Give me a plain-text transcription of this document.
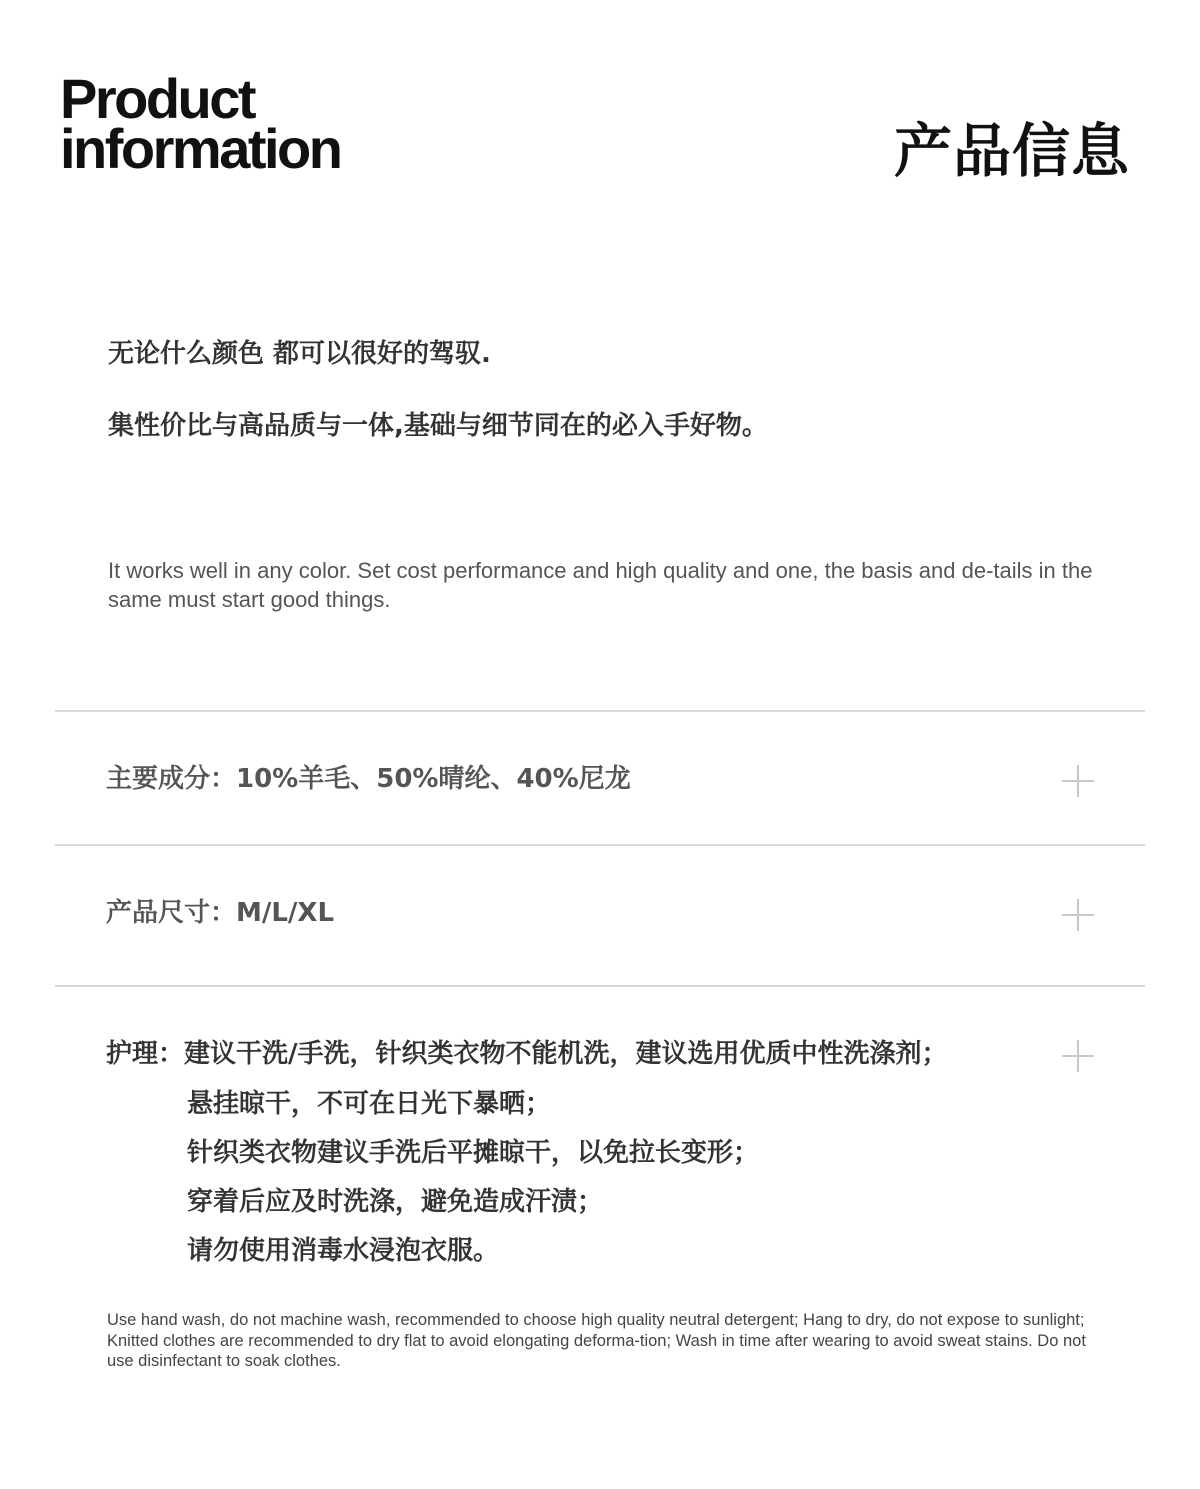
Product
information	产品信息

无论什么颜色 都可以很好的驾驭.

集性价比与高品质与一体,基础与细节同在的必入手好物。

It works well in any color. Set cost performance and high quality and one, the basis and de-tails in the same must start good things.

主要成分：10%羊毛、50%晴纶、40%尼龙

产品尺寸：M/L/XL

护理：建议干洗/手洗，针织类衣物不能机洗，建议选用优质中性洗涤剂；

悬挂晾干，不可在日光下暴晒；
针织类衣物建议手洗后平摊晾干，以免拉长变形；
穿着后应及时洗涤，避免造成汗渍；
请勿使用消毒水浸泡衣服。

Use hand wash, do not machine wash, recommended to choose high quality neutral detergent; Hang to dry, do not expose to sunlight; Knitted clothes are recommended to dry flat to avoid elongating deforma-tion; Wash in time after wearing to avoid sweat stains. Do not use disinfectant to soak clothes.
